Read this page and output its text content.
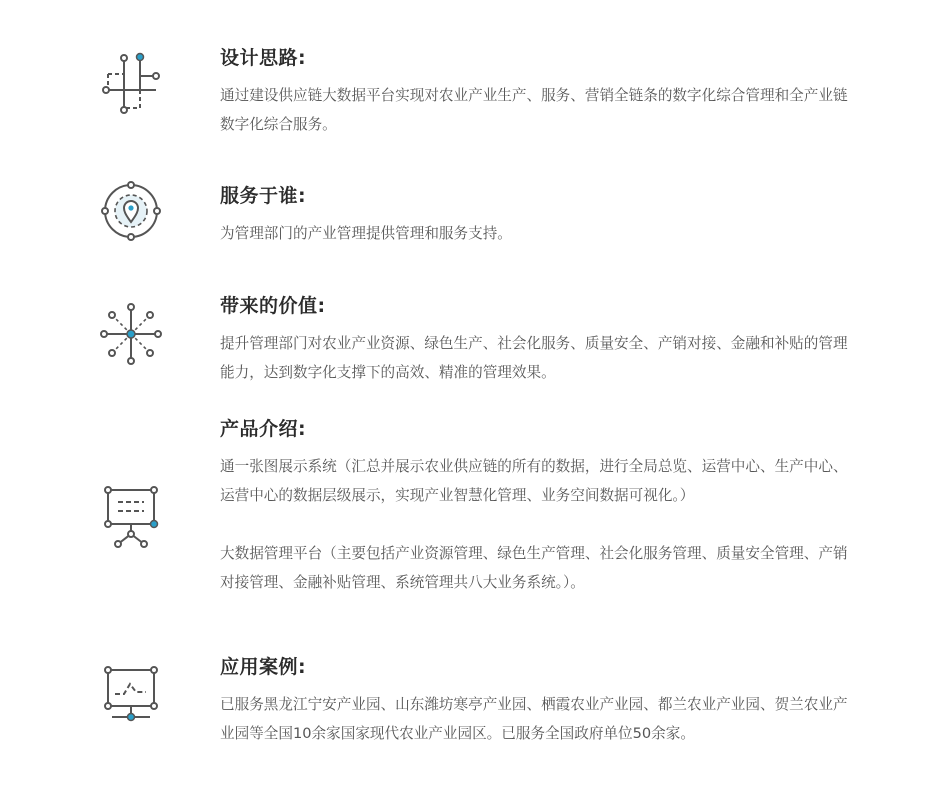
设计思路:
通过建设供应链大数据平台实现对农业产业生产、服务、营销全链条的数字化综合管理和全产业链数字化综合服务。
服务于谁:
为管理部门的产业管理提供管理和服务支持。
带来的价值:
提升管理部门对农业产业资源、绿色生产、社会化服务、质量安全、产销对接、金融和补贴的管理能力，达到数字化支撑下的高效、精准的管理效果。
产品介绍:
通一张图展示系统（汇总并展示农业供应链的所有的数据，进行全局总览、运营中心、生产中心、运营中心的数据层级展示，实现产业智慧化管理、业务空间数据可视化。）
大数据管理平台（主要包括产业资源管理、绿色生产管理、社会化服务管理、质量安全管理、产销对接管理、金融补贴管理、系统管理共八大业务系统。）。
应用案例:
已服务黑龙江宁安产业园、山东潍坊寒亭产业园、栖霞农业产业园、都兰农业产业园、贺兰农业产业园等全国10余家国家现代农业产业园区。已服务全国政府单位50余家。
